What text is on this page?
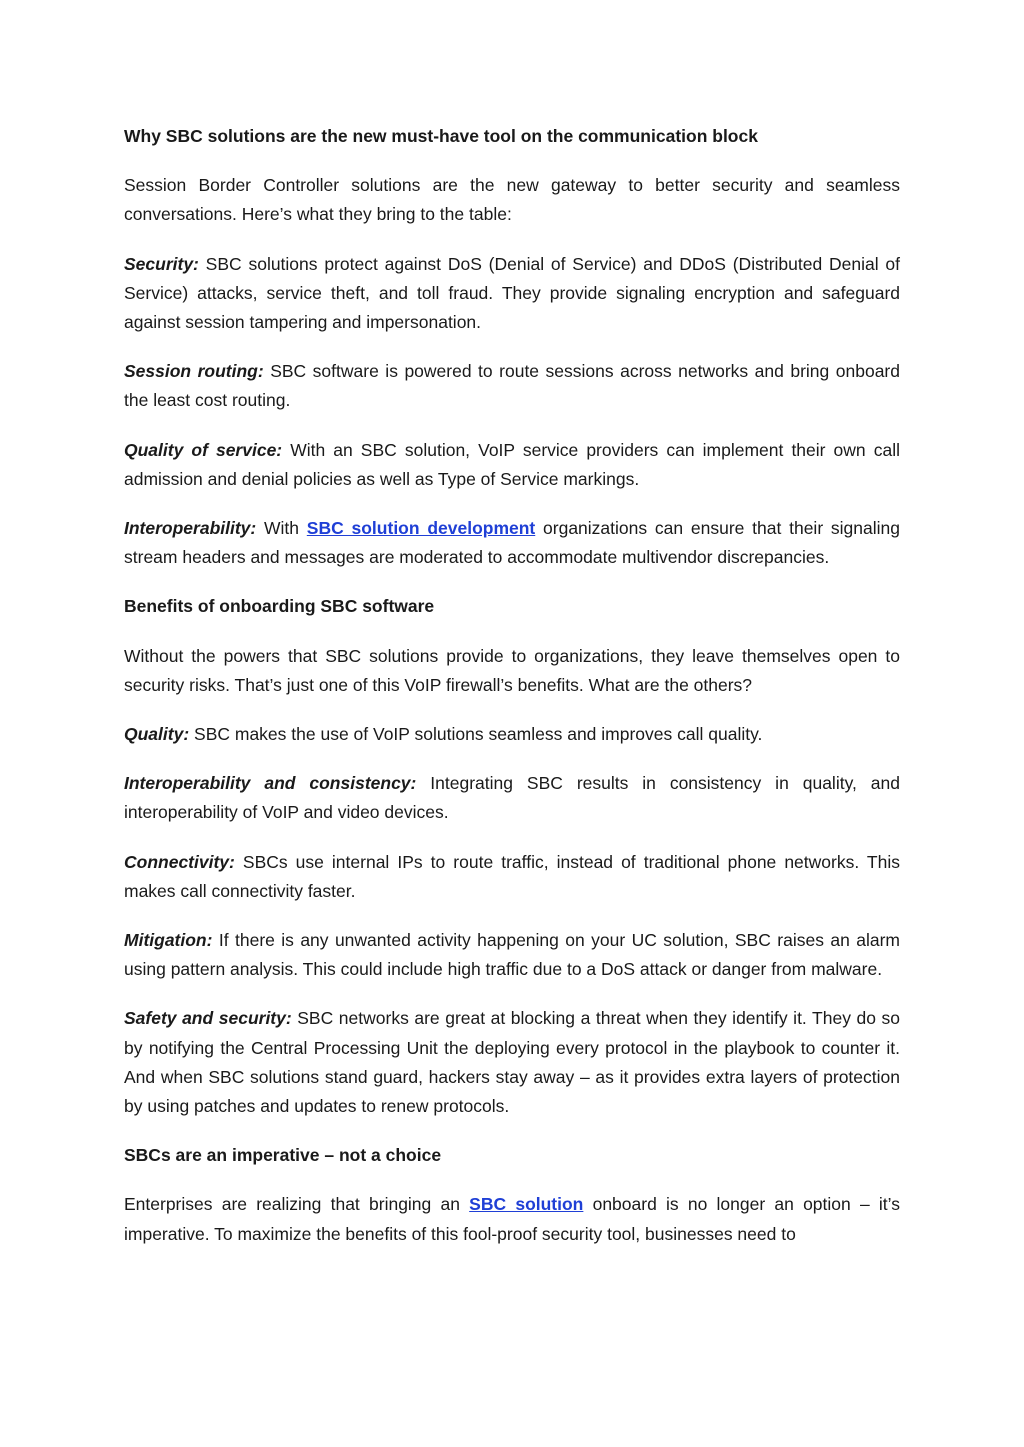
Why SBC solutions are the new must-have tool on the communication block

Session Border Controller solutions are the new gateway to better security and seamless conversations. Here’s what they bring to the table:

Security: SBC solutions protect against DoS (Denial of Service) and DDoS (Distributed Denial of Service) attacks, service theft, and toll fraud. They provide signaling encryption and safeguard against session tampering and impersonation.

Session routing: SBC software is powered to route sessions across networks and bring onboard the least cost routing.

Quality of service: With an SBC solution, VoIP service providers can implement their own call admission and denial policies as well as Type of Service markings.

Interoperability: With SBC solution development organizations can ensure that their signaling stream headers and messages are moderated to accommodate multivendor discrepancies.

Benefits of onboarding SBC software

Without the powers that SBC solutions provide to organizations, they leave themselves open to security risks. That’s just one of this VoIP firewall’s benefits. What are the others?

Quality: SBC makes the use of VoIP solutions seamless and improves call quality.

Interoperability and consistency: Integrating SBC results in consistency in quality, and interoperability of VoIP and video devices.

Connectivity: SBCs use internal IPs to route traffic, instead of traditional phone networks. This makes call connectivity faster.

Mitigation: If there is any unwanted activity happening on your UC solution, SBC raises an alarm using pattern analysis. This could include high traffic due to a DoS attack or danger from malware.

Safety and security: SBC networks are great at blocking a threat when they identify it. They do so by notifying the Central Processing Unit the deploying every protocol in the playbook to counter it. And when SBC solutions stand guard, hackers stay away – as it provides extra layers of protection by using patches and updates to renew protocols.

SBCs are an imperative – not a choice

Enterprises are realizing that bringing an SBC solution onboard is no longer an option – it’s imperative. To maximize the benefits of this fool-proof security tool, businesses need to
